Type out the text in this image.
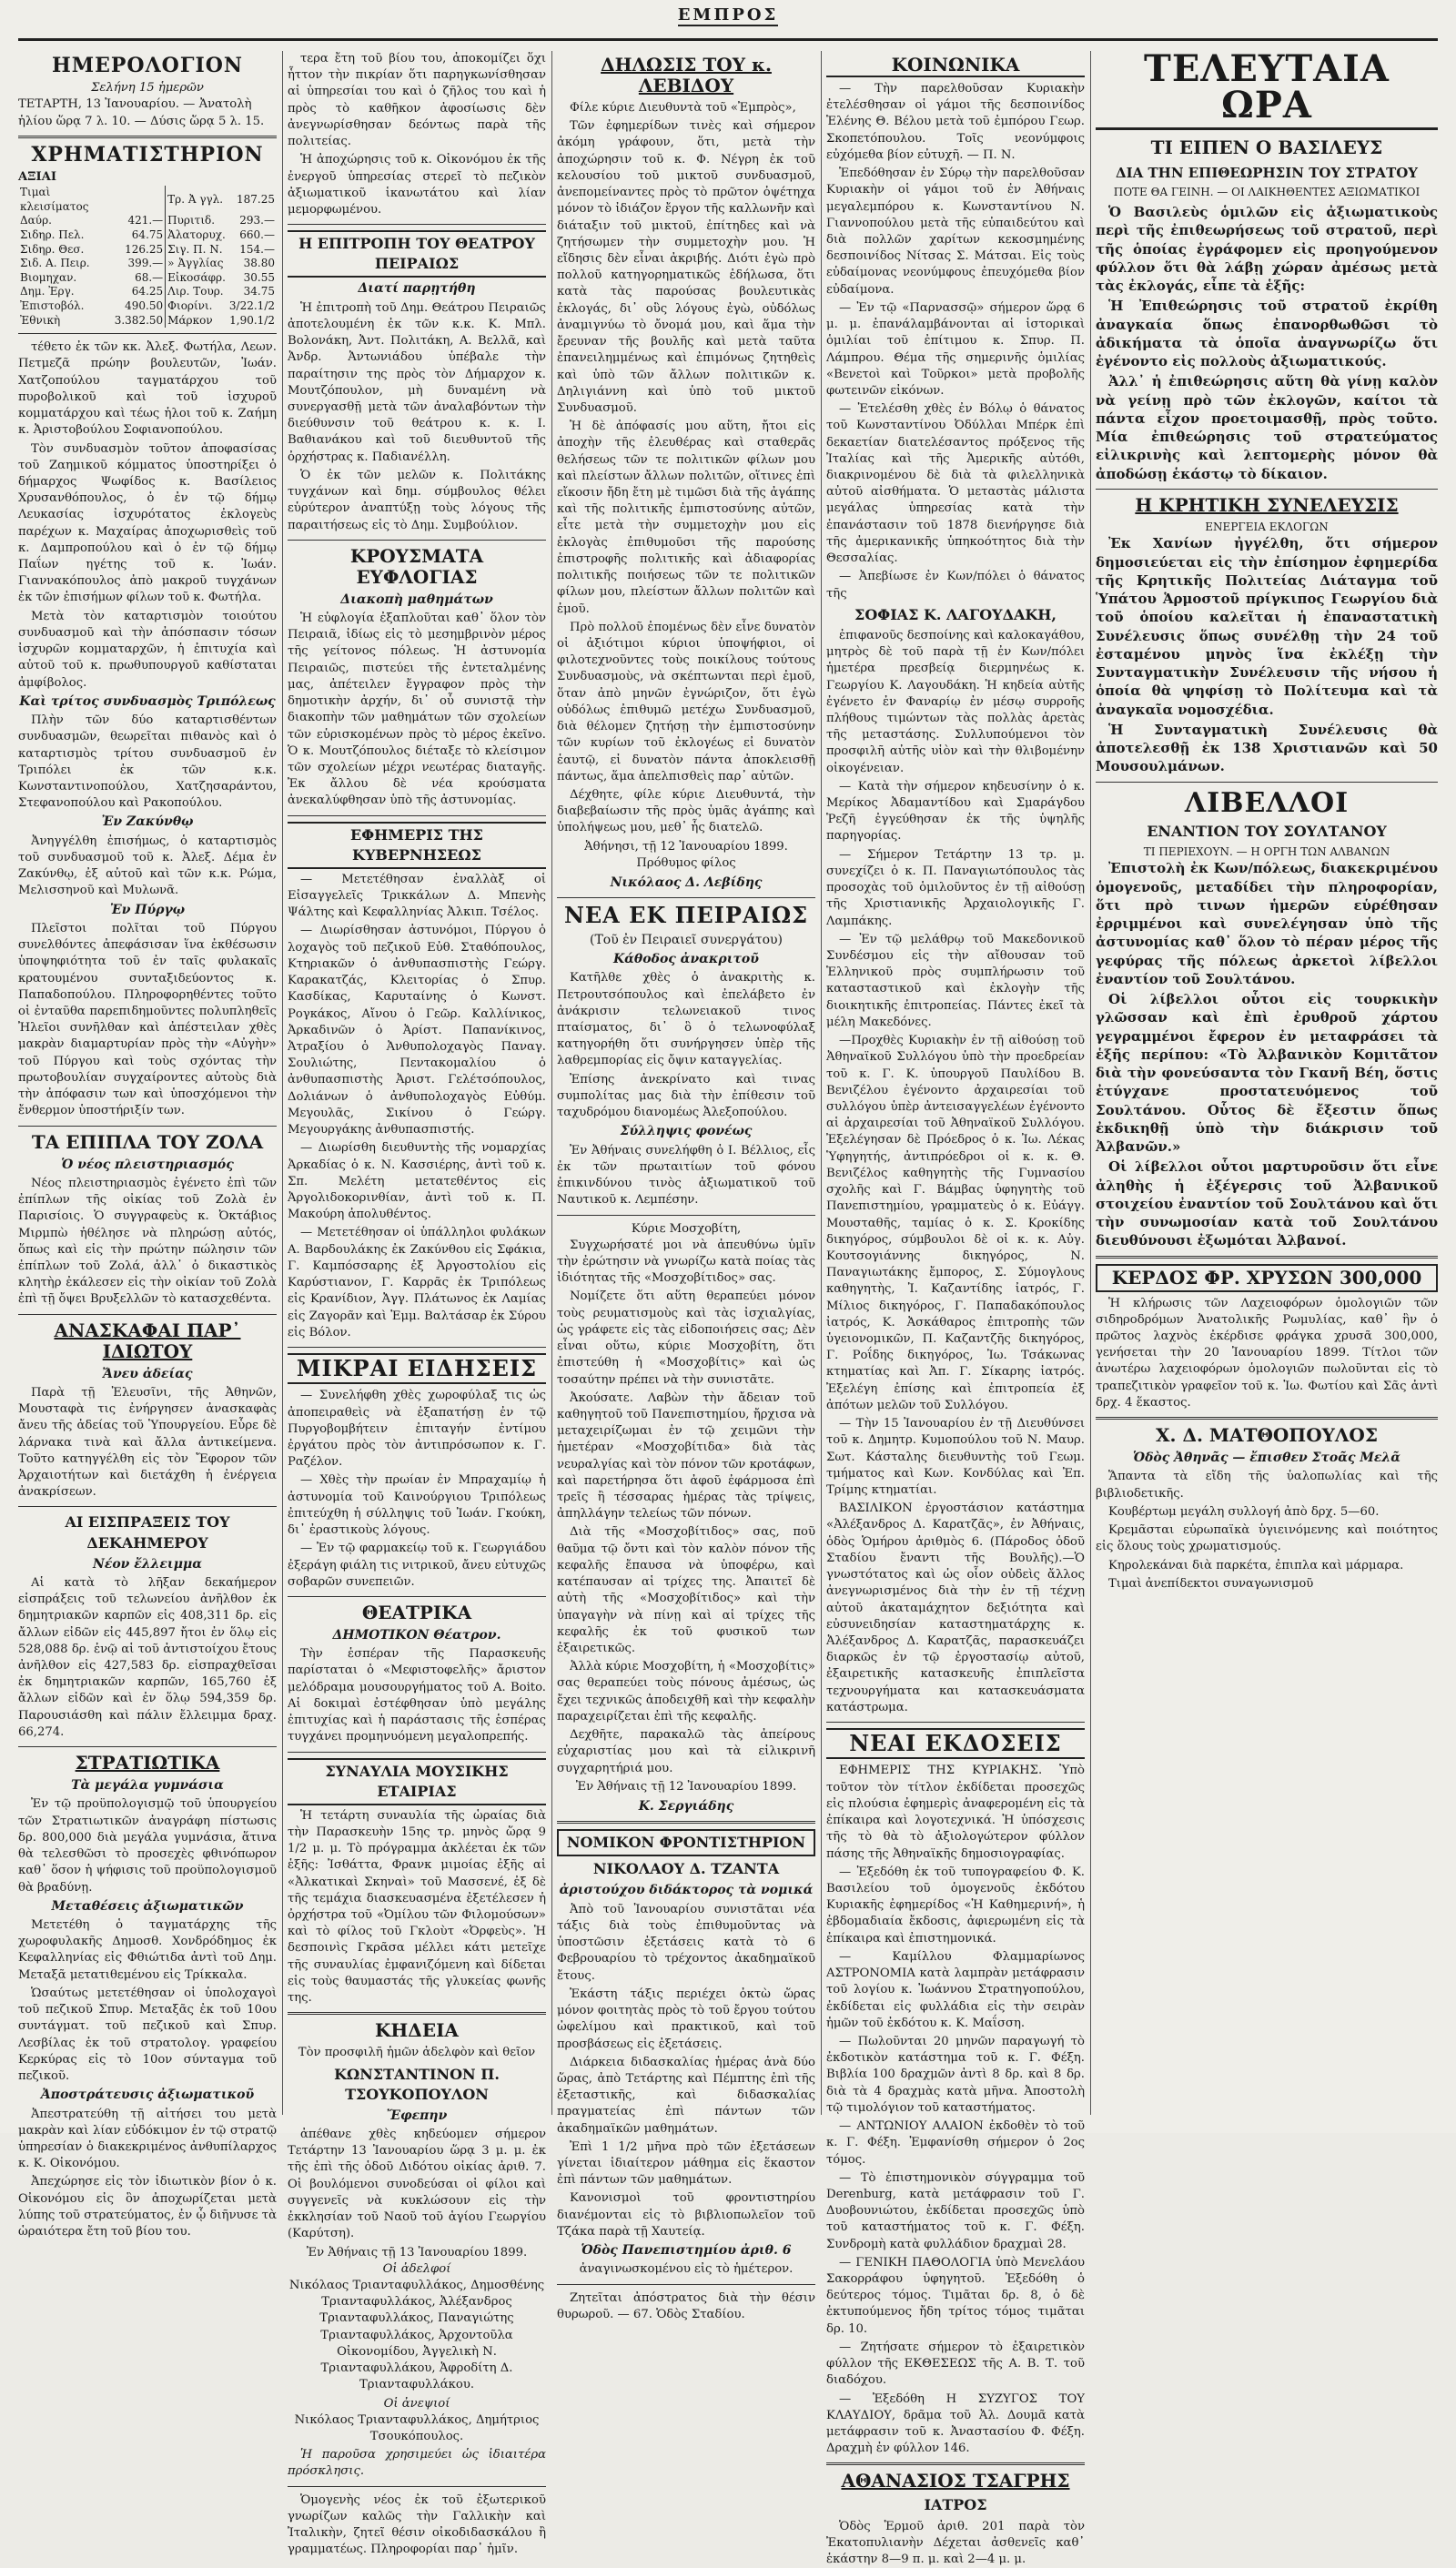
ΕΜΠΡΟΣ
ΗΜΕΡΟΛΟΓΙΟΝ
Σελήνη 15 ἡμερῶν
ΤΕΤΑΡΤΗ, 13 Ἰανουαρίου. — Ἀνατολὴ
ἡλίου ὥρᾳ 7 λ. 10. — Δύσις ὥρᾳ 5 λ. 15.
ΧΡΗΜΑΤΙΣΤΗΡΙΟΝ
ΑΞΙΑΙ
Τιμαὶ κλεισίματος		Τρ. Ἀ γγλ.	187.25
Δαύρ.	421.—	Πυριτιδ.	293.—
Σιδηρ. Πελ.	64.75	Ἀλατορυχ.	660.—
Σιδηρ. Θεσ.	126.25	Σιγ. Π. Ν.	154.—
Σιδ. Α. Πειρ.	399.—	» Ἀγγλίας	38.80
Βιομηχαν.	68.—	Εἰκοσάφρ.	30.55
Δημ. Ἐργ.	64.25	Λιρ. Τουρ.	34.75
Ἐπιστοβόλ.	490.50	Φιορίνι.	3/22.1/2
Ἐθνικὴ	3.382.50	Μάρκον	1,90.1/2

τέθετο ἐκ τῶν κκ. Ἀλεξ. Φωτήλα, Λεων. Πετμεζᾶ πρώην βουλευτῶν, Ἰωάν. Χατζοπούλου ταγματάρχου τοῦ πυροβολικοῦ καὶ τοῦ ἰσχυροῦ κομματάρχου καὶ τέως ἡλοι τοῦ κ. Ζαήμη κ. Ἀριστοβούλου Σοφιανοπούλου.

Τὸν συνδυασμὸν τοῦτον ἀποφασίσας τοῦ Ζαημικοῦ κόμματος ὑποστηρίξει ὁ δήμαρχος Ψωφίδος κ. Βασίλειος Χρυσανθόπουλος, ὁ ἐν τῷ δήμῳ Λευκασίας ἰσχυρότατος ἐκλογεὺς παρέχων κ. Μαχαίρας ἀποχωρισθεὶς τοῦ κ. Δαμπροπούλου καὶ ὁ ἐν τῷ δήμῳ Παΐων ηγέτης τοῦ κ. Ἰωάν. Γιαννακόπουλος ἀπὸ μακροῦ τυγχάνων ἐκ τῶν ἐπισήμων φίλων τοῦ κ. Φωτήλα.

Μετὰ τὸν καταρτισμὸν τοιούτου συνδυασμοῦ καὶ τὴν ἀπόσπασιν τόσων ἰσχυρῶν κομματαρχῶν, ἡ ἐπιτυχία καὶ αὐτοῦ τοῦ κ. πρωθυπουργοῦ καθίσταται ἀμφίβολος.

Καὶ τρίτος συνδυασμὸς Τριπόλεως

Πλὴν τῶν δύο καταρτισθέντων συνδυασμῶν, θεωρεῖται πιθανὸς καὶ ὁ καταρτισμὸς τρίτου συνδυασμοῦ ἐν Τριπόλει ἐκ τῶν κ.κ. Κωνσταντινοπούλου, Χατζησαράντου, Στεφανοπούλου καὶ Ρακοπούλου.

Ἐν Ζακύνθῳ

Ἀνηγγέλθη ἐπισήμως, ὁ καταρτισμὸς τοῦ συνδυασμοῦ τοῦ κ. Ἀλεξ. Δέμα ἐν Ζακύνθῳ, ἐξ αὐτοῦ καὶ τῶν κ.κ. Ρώμα, Μελισσηνοῦ καὶ Μυλωνᾶ.

Ἐν Πύργῳ

Πλεῖστοι πολῖται τοῦ Πύργου συνελθόντες ἀπεφάσισαν ἵνα ἐκθέσωσιν ὑποψηφιότητα τοῦ ἐν ταῖς φυλακαῖς κρατουμένου συνταξιδεύοντος κ. Παπαδοπούλου. Πληροφορηθέντες τοῦτο οἱ ἐνταῦθα παρεπιδημοῦντες πολυπληθεῖς Ἠλεῖοι συνῆλθαν καὶ ἀπέστειλαν χθὲς μακρὰν διαμαρτυρίαν πρὸς τὴν «Αὐγὴν» τοῦ Πύργου καὶ τοὺς σχόντας τὴν πρωτοβουλίαν συγχαίροντες αὐτοὺς διὰ τὴν ἀπόφασιν των καὶ ὑποσχόμενοι τὴν ἔνθερμον ὑποστήριξίν των.

ΤΑ ΕΠΙΠΛΑ ΤΟΥ ΖΟΛΑ
Ὁ νέος πλειστηριασμός

Νέος πλειστηριασμὸς ἐγένετο ἐπὶ τῶν ἐπίπλων τῆς οἰκίας τοῦ Ζολὰ ἐν Παρισίοις. Ὁ συγγραφεὺς κ. Ὀκτάβιος Μιρμπὼ ἠθέλησε νὰ πληρώσῃ αὐτός, ὅπως καὶ εἰς τὴν πρώτην πώλησιν τῶν ἐπίπλων τοῦ Ζολά, ἀλλ᾽ ὁ δικαστικὸς κλητὴρ ἐκάλεσεν εἰς τὴν οἰκίαν τοῦ Ζολὰ ἐπὶ τῇ ὄψει Βρυξελλῶν τὸ κατασχεθέντα.

ΑΝΑΣΚΑΦΑΙ ΠΑΡ᾽ ΙΔΙΩΤΟΥ
Ἄνευ ἀδείας

Παρὰ τῇ Ἐλευσῖνι, τῆς Ἀθηνῶν, Μουσταφὰ τις ἐνήργησεν ἀνασκαφὰς ἄνευ τῆς ἀδείας τοῦ Ὑπουργείου. Εὗρε δὲ λάρνακα τινὰ καὶ ἄλλα ἀντικείμενα. Τοῦτο κατηγγέλθη εἰς τὸν Ἔφορον τῶν Ἀρχαιοτήτων καὶ διετάχθη ἡ ἐνέργεια ἀνακρίσεων.

ΑΙ ΕΙΣΠΡΑΞΕΙΣ ΤΟΥ ΔΕΚΑΗΜΕΡΟΥ
Νέον ἔλλειμμα

Αἱ κατὰ τὸ λῆξαν δεκαήμερον εἰσπράξεις τοῦ τελωνείου ἀνῆλθον ἐκ δημητριακῶν καρπῶν εἰς 408,311 δρ. εἰς ἄλλων εἰδῶν εἰς 445,897 ἤτοι ἐν ὅλῳ εἰς 528,088 δρ. ἐνῷ αἱ τοῦ ἀντιστοίχου ἔτους ἀνῆλθον εἰς 427,583 δρ. εἰσπραχθεῖσαι ἐκ δημητριακῶν καρπῶν, 165,760 ἐξ ἄλλων εἰδῶν καὶ ἐν ὅλῳ 594,359 δρ. Παρουσιάσθη καὶ πάλιν ἔλλειμμα δραχ. 66,274.

ΣΤΡΑΤΙΩΤΙΚΑ
Τὰ μεγάλα γυμνάσια

Ἐν τῷ προϋπολογισμῷ τοῦ ὑπουργείου τῶν Στρατιωτικῶν ἀναγράφη πίστωσις δρ. 800,000 διὰ μεγάλα γυμνάσια, ἅτινα θὰ τελεσθῶσι τὸ προσεχὲς φθινόπωρον καθ᾽ ὅσον ἡ ψήφισις τοῦ προϋπολογισμοῦ θὰ βραδύνῃ.

Μεταθέσεις ἀξιωματικῶν

Μετετέθη ὁ ταγματάρχης τῆς χωροφυλακῆς Δημοσθ. Χονδρόδημος ἐκ Κεφαλληνίας εἰς Φθιώτιδα ἀντὶ τοῦ Δημ. Μεταξᾶ μετατιθεμένου εἰς Τρίκκαλα.

Ὡσαύτως μετετέθησαν οἱ ὑπολοχαγοὶ τοῦ πεζικοῦ Σπυρ. Μεταξᾶς ἐκ τοῦ 10ου συντάγματ. τοῦ πεζικοῦ καὶ Σπυρ. Λεσβίλας ἐκ τοῦ στρατολογ. γραφείου Κερκύρας εἰς τὸ 10ον σύνταγμα τοῦ πεζικοῦ.

Ἀποστράτευσις ἀξιωματικοῦ

Ἀπεστρατεύθη τῇ αἰτήσει του μετὰ μακρὰν καὶ λίαν εὐδόκιμον ἐν τῷ στρατῷ ὑπηρεσίαν ὁ διακεκριμένος ἀνθυπίλαρχος κ. Κ. Οἰκονόμου.

Ἀπεχώρησε εἰς τὸν ἰδιωτικὸν βίον ὁ κ. Οἰκονόμου εἰς ὃν ἀποχωρίζεται μετὰ λύπης τοῦ στρατεύματος, ἐν ᾧ διῆνυσε τὰ ὡραιότερα ἔτη τοῦ βίου του.

τερα ἔτη τοῦ βίου του, ἀποκομίζει ὅχι ἧττον τὴν πικρίαν ὅτι παρηγκωνίσθησαν αἱ ὑπηρεσίαι του καὶ ὁ ζῆλος του καὶ ἡ πρὸς τὸ καθῆκον ἀφοσίωσις δὲν ἀνεγνωρίσθησαν δεόντως παρὰ τῆς πολιτείας.

Ἡ ἀποχώρησις τοῦ κ. Οἰκονόμου ἐκ τῆς ἐνεργοῦ ὑπηρεσίας στερεῖ τὸ πεζικὸν ἀξιωματικοῦ ἱκανωτάτου καὶ λίαν μεμορφωμένου.

Η ΕΠΙΤΡΟΠΗ ΤΟΥ ΘΕΑΤΡΟΥ ΠΕΙΡΑΙΩΣ
Διατί παρῃτήθη

Ἡ ἐπιτροπὴ τοῦ Δημ. Θεάτρου Πειραιῶς ἀποτελουμένη ἐκ τῶν κ.κ. Κ. Μπλ. Βολονάκη, Ἀντ. Πολιτάκη, Α. Βελλᾶ, καὶ Ἀνδρ. Ἀντωνιάδου ὑπέβαλε τὴν παραίτησιν της πρὸς τὸν Δήμαρχον κ. Μουτζόπουλον, μὴ δυναμένη νὰ συνεργασθῇ μετὰ τῶν ἀναλαβόντων τὴν διεύθυνσιν τοῦ θεάτρου κ. κ. Ι. Βαθιανάκου καὶ τοῦ διευθυντοῦ τῆς ὀρχήστρας κ. Παδιανέλλη.

Ὁ ἐκ τῶν μελῶν κ. Πολιτάκης τυγχάνων καὶ δημ. σύμβουλος θέλει εὑρύτερον ἀναπτύξῃ τοὺς λόγους τῆς παραιτήσεως εἰς τὸ Δημ. Συμβούλιον.

ΚΡΟΥΣΜΑΤΑ ΕΥΦΛΟΓΙΑΣ
Διακοπὴ μαθημάτων

Ἡ εὐφλογία ἐξαπλοῦται καθ᾽ ὅλον τὸν Πειραιᾶ, ἰδίως εἰς τὸ μεσημβρινὸν μέρος τῆς γείτονος πόλεως. Ἡ ἀστυνομία Πειραιῶς, πιστεύει τῆς ἐντεταλμένης μας, ἀπέτειλεν ἔγγραφον πρὸς τὴν δημοτικὴν ἀρχήν, δι᾽ οὗ συνιστᾷ τὴν διακοπὴν τῶν μαθημάτων τῶν σχολείων τῶν εὑρισκομένων πρὸς τὸ μέρος ἐκεῖνο. Ὁ κ. Μουτζόπουλος διέταξε τὸ κλείσιμον τῶν σχολείων μέχρι νεωτέρας διαταγῆς. Ἐκ ἄλλου δὲ νέα κρούσματα ἀνεκαλύφθησαν ὑπὸ τῆς ἀστυνομίας.

ΕΦΗΜΕΡΙΣ ΤΗΣ ΚΥΒΕΡΝΗΣΕΩΣ

— Μετετέθησαν ἐναλλὰξ οἱ Εἰσαγγελεῖς Τρικκάλων Δ. Μπενὴς Ψάλτης καὶ Κεφαλληνίας Ἀλκιπ. Τσέλος.

— Διωρίσθησαν ἀστυνόμοι, Πύργου ὁ λοχαγὸς τοῦ πεζικοῦ Εὐθ. Σταθόπουλος, Κτηριακῶν ὁ ἀνθυπασπιστὴς Γεώργ. Καρακατζάς, Κλειτορίας ὁ Σπυρ. Κασδίκας, Καρυταίνης ὁ Κωνστ. Ρογκάκος, Αἴνου ὁ Γεῶρ. Καλλίνικος, Ἀρκαδινῶν ὁ Ἀρίστ. Παπανίκινος, Ἀτραξίου ὁ Ἀνθυπολοχαγὸς Παναγ. Σουλιώτης, Πεντακομαλίου ὁ ἀνθυπασπιστὴς Ἀριστ. Γελέτσόπουλος, Δολιάνων ὁ ἀνθυπολοχαγὸς Εὐθύμ. Μεγουλᾶς, Σικίνου ὁ Γεώργ. Μεγουργάκης ἀνθυπασπιστής.

— Διωρίσθη διευθυντὴς τῆς νομαρχίας Ἀρκαδίας ὁ κ. Ν. Κασσιέρης, ἀντὶ τοῦ κ. Σπ. Μελέτη μετατεθέντος εἰς Ἀργολιδοκορινθίαν, ἀντὶ τοῦ κ. Π. Μακούρη ἀπολυθέντος.

— Μετετέθησαν οἱ ὑπάλληλοι φυλάκων Α. Βαρδουλάκης ἐκ Ζακύνθου εἰς Σφάκια, Γ. Καμπόσσαρης ἐξ Ἀργοστολίου εἰς Καρύστιανον, Γ. Καρρᾶς ἐκ Τριπόλεως εἰς Κρανίδιον, Ἀγγ. Πλάτωνος ἐκ Λαμίας εἰς Ζαγορᾶν καὶ Ἐμμ. Βαλτάσαρ ἐκ Σύρου εἰς Βόλον.

ΜΙΚΡΑΙ ΕΙΔΗΣΕΙΣ

— Συνελήφθη χθὲς χωροφύλαξ τις ὡς ἀποπειραθεὶς νὰ ἐξαπατήσῃ ἐν τῷ Πυργοβομβήτειν ἐπιταγήν ἐντίμου ἐργάτου πρὸς τὸν ἀντιπρόσωπον κ. Γ. Ραζέλον.

— Χθὲς τὴν πρωίαν ἐν Μπραχαμίῳ ἡ ἀστυνομία τοῦ Καινούργιου Τριπόλεως ἐπιτεύχθη ἡ σύλληψις τοῦ Ἰωάν. Γκούκη, δι᾽ ἐραστικοὺς λόγους.

— Ἐν τῷ φαρμακείῳ τοῦ κ. Γεωργιάδου ἐξεράγη φιάλη τις νιτρικοῦ, ἄνευ εὐτυχῶς σοβαρῶν συνεπειῶν.

ΘΕΑΤΡΙΚΑ
ΔΗΜΟΤΙΚΟΝ Θέατρον.

Τὴν ἑσπέραν τῆς Παρασκευῆς παρίσταται ὁ «Μεφιστοφελῆς» ἄριστον μελόδραμα μουσουργήματος τοῦ Α. Boito. Αἱ δοκιμαὶ ἐστέφθησαν ὑπὸ μεγάλης ἐπιτυχίας καὶ ἡ παράστασις τῆς ἑσπέρας τυγχάνει προμηνυόμενη μεγαλοπρεπής.

ΣΥΝΑΥΛΙΑ ΜΟΥΣΙΚΗΣ ΕΤΑΙΡΙΑΣ

Ἡ τετάρτη συναυλία τῆς ὡραίας διὰ τὴν Παρασκευὴν 15ης τρ. μηνὸς ὥρᾳ 9 1/2 μ. μ. Τὸ πρόγραμμα ἀκλέεται ἐκ τῶν ἑξῆς: Ἰσθάττα, Φρανκ μιμοίας ἐξῆς αἱ «Ἀλκατικαὶ Σκηναὶ» τοῦ Μασσενέ, ἐξ δὲ τῆς τεμάχια διασκευασμένα ἐξετέλεσεν ἡ ὀρχήστρα τοῦ «Ὀμίλου τῶν Φιλομούσων» καὶ τὸ φίλος τοῦ Γκλοὺτ «Ὀρφεὺς». Ἡ δεσποινὶς Γκρᾶσα μέλλει κάτι μετεῖχε τῆς συναυλίας ἐμφανιζόμενη καὶ δίδεται εἰς τοὺς θαυμαστάς τῆς γλυκείας φωνῆς της.

ΚΗΔΕΙΑ
Τὸν προσφιλῆ ἡμῶν ἀδελφὸν καὶ θεῖον
ΚΩΝΣΤΑΝΤΙΝΟΝ Π. ΤΣΟΥΚΟΠΟΥΛΟΝ
Ἔφεπην

ἀπέθανε χθὲς κηδεύομεν σήμερον Τετάρτην 13 Ἰανουαρίου ὥρᾳ 3 μ. μ. ἐκ τῆς ἐπὶ τῆς ὁδοῦ Διδότου οἰκίας ἀριθ. 7. Οἱ βουλόμενοι συνοδεύσαι οἱ φίλοι καὶ συγγενεῖς νὰ κυκλώσουν εἰς τὴν ἐκκλησίαν τοῦ Ναοῦ τοῦ ἁγίου Γεωργίου (Καρύτση).

Ἐν Ἀθήναις τῇ 13 Ἰανουαρίου 1899.
Οἱ ἀδελφοί

Νικόλαος Τριανταφυλλάκος, Δημοσθένης Τριανταφυλλάκος, Ἀλέξανδρος Τριανταφυλλάκος, Παναγιώτης Τριανταφυλλάκος, Ἀρχοντοῦλα Οἰκονομίδου, Ἀγγελικὴ Ν. Τριανταφυλλάκου, Ἀφροδίτη Δ. Τριανταφυλλάκου.

Οἱ ἀνεψιοί

Νικόλαος Τριανταφυλλάκος, Δημήτριος Τσουκόπουλος.

Ἡ παροῦσα χρησιμεύει ὡς ἰδιαιτέρα πρόσκλησις.

Ὁμογενὴς νέος ἐκ τοῦ ἐξωτερικοῦ γνωρίζων καλῶς τὴν Γαλλικὴν καὶ Ἰταλικὴν, ζητεῖ θέσιν οἰκοδιδασκάλου ἢ γραμματέως. Πληροφορίαι παρ᾽ ἡμῖν.

ΔΗΛΩΣΙΣ ΤΟΥ κ. ΛΕΒΙΔΟΥ

Φίλε κύριε Διευθυντὰ τοῦ «Ἐμπρὸς»,

Τῶν ἐφημερίδων τινὲς καὶ σήμερον ἀκόμη γράφουν, ὅτι, μετὰ τὴν ἀποχώρησιν τοῦ κ. Φ. Νέγρη ἐκ τοῦ κελουσίου τοῦ μικτοῦ συνδυασμοῦ, ἀνεπομείναντες πρὸς τὸ πρῶτον ὀψέτηχα μόνον τὸ ἰδιάζον ἔργον τῆς καλλωνῆν καὶ διάταξιν τοῦ μικτοῦ, ἐπίτηδες καὶ νὰ ζητήσωμεν τὴν συμμετοχὴν μου. Ἡ εἴδησις δὲν εἶναι ἀκριβής. Διότι ἐγὼ πρὸ πολλοῦ κατηγορηματικῶς ἐδήλωσα, ὅτι κατὰ τὰς παρούσας βουλευτικὰς ἐκλογάς, δι᾽ οὓς λόγους ἐγὼ, οὐδόλως ἀναμιγνύω τὸ ὄνομά μου, καὶ ἅμα τὴν ἔρευναν τῆς βουλῆς καὶ μετὰ ταῦτα ἐπανειλημμένως καὶ ἐπιμόνως ζητηθεὶς καὶ ὑπὸ τῶν ἄλλων πολιτικῶν κ. Δηλιγιάννη καὶ ὑπὸ τοῦ μικτοῦ Συνδυασμοῦ.

Ἡ δὲ ἀπόφασίς μου αὕτη, ἤτοι εἰς ἀποχὴν τῆς ἐλευθέρας καὶ σταθερᾶς θελήσεως τῶν τε πολιτικῶν φίλων μου καὶ πλείστων ἄλλων πολιτῶν, οἵτινες ἐπὶ εἴκοσιν ἤδη ἔτη μὲ τιμῶσι διὰ τῆς ἀγάπης καὶ τῆς πολιτικῆς ἐμπιστοσύνης αὐτῶν, εἶτε μετὰ τὴν συμμετοχὴν μου εἰς ἐκλογὰς ἐπιθυμοῦσι τῆς παρούσης ἐπιστροφῆς πολιτικῆς καὶ ἀδιαφορίας πολιτικῆς ποιήσεως τῶν τε πολιτικῶν φίλων μου, πλείστων ἄλλων πολιτῶν καὶ ἐμοῦ.

Πρὸ πολλοῦ ἐπομένως δὲν εἶνε δυνατὸν οἱ ἀξιότιμοι κύριοι ὑποψήφιοι, οἱ φιλοτεχνοῦντες τοὺς ποικίλους τούτους Συνδυασμοὺς, νὰ σκέπτωνται περὶ ἐμοῦ, ὅταν ἀπὸ μηνῶν ἐγνώριζον, ὅτι ἐγὼ οὐδόλως ἐπιθυμῶ μετέχω Συνδυασμοῦ, διὰ θέλομεν ζητήσῃ τὴν ἐμπιστοσύνην τῶν κυρίων τοῦ ἐκλογέως εἰ δυνατὸν ἑαυτῷ, εἰ δυνατὸν πάντα ἀποκλεισθῇ πάντως, ἅμα ἀπελπισθεὶς παρ᾽ αὐτῶν.

Δέχθητε, φίλε κύριε Διευθυντά, τὴν διαβεβαίωσιν τῆς πρὸς ὑμᾶς ἀγάπης καὶ ὑπολήψεως μου, μεθ᾽ ἧς διατελῶ.

Ἀθήνησι, τῇ 12 Ἰανουαρίου 1899.
Πρόθυμος φίλος
Νικόλαος Δ. Λεβίδης
ΝΕΑ ΕΚ ΠΕΙΡΑΙΩΣ
(Τοῦ ἐν Πειραιεῖ συνεργάτου)
Κάθοδος ἀνακριτοῦ

Κατῆλθε χθὲς ὁ ἀνακριτὴς κ. Πετρουτσόπουλος καὶ ἐπελάβετο ἐν ἀνάκρισιν τελωνειακοῦ τινος πταίσματος, δι᾽ ὃ ὁ τελωνοφύλαξ κατηγορήθη ὅτι συνήργησεν ὑπὲρ τῆς λαθρεμπορίας εἰς ὄψιν καταγγελίας.

Ἐπίσης ἀνεκρίνατο καὶ τινας συμπολίτας μας διὰ τὴν ἐπίθεσιν τοῦ ταχυδρόμου διανομέως Ἀλεξοπούλου.

Σύλληψις φονέως

Ἐν Ἀθήναις συνελήφθη ὁ Ι. Βέλλιος, εἷς ἐκ τῶν πρωταιτίων τοῦ φόνου ἐπικινδύνου τινὸς ἀξιωματικοῦ τοῦ Ναυτικοῦ κ. Λεμπέσην.

Κύριε Μοσχοβίτη,

Συγχωρήσατέ μοι νὰ ἀπευθύνω ὑμῖν τὴν ἐρώτησιν νὰ γνωρίζω κατὰ ποίας τὰς ἰδιότητας τῆς «Μοσχοβίτιδος» σας.

Νομίζετε ὅτι αὕτη θεραπεύει μόνον τοὺς ρευματισμοὺς καὶ τὰς ἰσχιαλγίας, ὡς γράφετε εἰς τὰς εἰδοποιήσεις σας; Δὲν εἶναι οὕτω, κύριε Μοσχοβίτη, ὅτι ἐπιστεύθη ἡ «Μοσχοβίτις» καὶ ὡς τοσαύτην πρέπει νὰ τὴν συνιστᾶτε.

Ἀκούσατε. Λαβὼν τὴν ἄδειαν τοῦ καθηγητοῦ τοῦ Πανεπιστημίου, ἤρχισα νὰ μεταχειρίζωμαι ἐν τῷ χειμῶνι τὴν ἡμετέραν «Μοσχοβίτιδα» διὰ τὰς νευραλγίας καὶ τὸν πόνον τῶν κροτάφων, καὶ παρετήρησα ὅτι ἀφοῦ ἐφάρμοσα ἐπὶ τρεῖς ἢ τέσσαρας ἡμέρας τὰς τρίψεις, ἀπηλλάγην τελείως τῶν πόνων.

Διὰ τῆς «Μοσχοβίτιδος» σας, ποῦ θαῦμα τῷ ὄντι καὶ τὸν καλὸν πόνον τῆς κεφαλῆς ἔπαυσα νὰ ὑποφέρω, καὶ κατέπαυσαν αἱ τρίχες της. Ἀπαιτεῖ δὲ αὐτὴ τῆς «Μοσχοβίτιδος» καὶ τὴν ὑπαγαγὴν νὰ πίνῃ καὶ αἱ τρίχες τῆς κεφαλῆς ἐκ τοῦ φυσικοῦ των ἐξαιρετικῶς.

Ἀλλὰ κύριε Μοσχοβίτη, ἡ «Μοσχοβίτις» σας θεραπεύει τοὺς πόνους ἀμέσως, ὡς ἔχει τεχνικῶς ἀποδειχθῆ καὶ τὴν κεφαλὴν παραχειρίζεται ἐπὶ τῆς κεφαλῆς.

Δεχθῆτε, παρακαλῶ τὰς ἀπείρους εὐχαριστίας μου καὶ τὰ εἰλικρινῆ συγχαρητήριά μου.

Ἐν Ἀθήναις τῇ 12 Ἰανουαρίου 1899.
Κ. Σεργιάδης
ΝΟΜΙΚΟΝ ΦΡΟΝΤΙΣΤΗΡΙΟΝ
ΝΙΚΟΛΑΟΥ Δ. ΤΖΑΝΤΑ
ἀριστούχου διδάκτορος τὰ νομικά

Ἀπὸ τοῦ Ἰανουαρίου συνιστᾶται νέα τάξις διὰ τοὺς ἐπιθυμοῦντας νὰ ὑποστῶσιν ἐξετάσεις κατὰ τὸ 6 Φεβρουαρίου τὸ τρέχοντος ἀκαδημαϊκοῦ ἔτους.

Ἑκάστη τάξις περιέχει ὀκτὼ ὥρας μόνον φοιτητὰς πρὸς τὸ τοῦ ἔργου τούτου ὠφελίμου καὶ πρακτικοῦ, καὶ τοῦ προσβάσεως εἰς ἐξετάσεις.

Διάρκεια διδασκαλίας ἡμέρας ἀνὰ δύο ὥρας, ἀπὸ Τετάρτης καὶ Πέμπτης ἐπὶ τῆς ἐξεταστικῆς, καὶ διδασκαλίας πραγματείας ἐπὶ πάντων τῶν ἀκαδημαϊκῶν μαθημάτων.

Ἐπὶ 1 1/2 μῆνα πρὸ τῶν ἐξετάσεων γίνεται ἰδιαίτερον μάθημα εἰς ἕκαστον ἐπὶ πάντων τῶν μαθημάτων.

Κανονισμοὶ τοῦ φροντιστηρίου διανέμονται εἰς τὸ βιβλιοπωλεῖον τοῦ Τζάκα παρὰ τῇ Χαυτείᾳ.

Ὁδὸς Πανεπιστημίου ἀριθ. 6
ἀναγινωσκομένου εἰς τὸ ἡμέτερον.

Ζητεῖται ἀπόστρατος διὰ τὴν θέσιν θυρωροῦ. — 67. Ὁδὸς Σταδίου.

ΚΟΙΝΩΝΙΚΑ

— Τὴν παρελθοῦσαν Κυριακὴν ἐτελέσθησαν οἱ γάμοι τῆς δεσποινίδος Ἑλένης Θ. Βέλου μετὰ τοῦ ἐμπόρου Γεωρ. Σκοπετόπουλου. Τοῖς νεονύμφοις εὐχόμεθα βίον εὐτυχῆ. — Π. Ν.

Ἐπεδόθησαν ἐν Σύρῳ τὴν παρελθοῦσαν Κυριακὴν οἱ γάμοι τοῦ ἐν Ἀθήναις μεγαλεμπόρου κ. Κωνσταντίνου Ν. Γιαννοπούλου μετὰ τῆς εὐπαιδεύτου καὶ διὰ πολλῶν χαρίτων κεκοσμημένης δεσποινίδος Νίτσας Σ. Μάτσαι. Εἰς τοὺς εὐδαίμονας νεονύμφους ἐπευχόμεθα βίον εὐδαίμονα.

— Ἐν τῷ «Παρνασσῷ» σήμερον ὥρᾳ 6 μ. μ. ἐπανάλαμβάνονται αἱ ἱστορικαὶ ὁμιλίαι τοῦ ἐπίτιμου κ. Σπυρ. Π. Λάμπρου. Θέμα τῆς σημερινῆς ὁμιλίας «Βενετοὶ καὶ Τοῦρκοι» μετὰ προβολῆς φωτεινῶν εἰκόνων.

— Ἐτελέσθη χθὲς ἐν Βόλῳ ὁ θάνατος τοῦ Κωνσταντίνου Ὀδύλλαι Μπέρκ ἐπὶ δεκαετίαν διατελέσαντος πρόξενος τῆς Ἰταλίας καὶ τῆς Ἀμερικῆς αὐτόθι, διακρινομένου δὲ διὰ τὰ φιλελληνικὰ αὐτοῦ αἰσθήματα. Ὁ μεταστὰς μάλιστα μεγάλας ὑπηρεσίας κατὰ τὴν ἐπανάστασιν τοῦ 1878 διενήργησε διὰ τῆς ἀμερικανικῆς ὑπηκοότητος διὰ τὴν Θεσσαλίας.

— Ἀπεβίωσε ἐν Κων/πόλει ὁ θάνατος τῆς

ΣΟΦΙΑΣ Κ. ΛΑΓΟΥΔΑΚΗ,

ἐπιφανοῦς δεσποίνης καὶ καλοκαγάθου, μητρὸς δὲ τοῦ παρὰ τῇ ἐν Κων/πόλει ἡμετέρα πρεσβείᾳ διερμηνέως κ. Γεωργίου Κ. Λαγουδάκη. Ἡ κηδεία αὐτῆς ἐγένετο ἐν Φαναρίῳ ἐν μέσῳ συρροῆς πλήθους τιμώντων τὰς πολλὰς ἀρετὰς τῆς μεταστάσης. Συλλυπούμενοι τὸν προσφιλῆ αὐτῆς υἱὸν καὶ τὴν θλιβομένην οἰκογένειαν.

— Κατὰ τὴν σήμερον κηδευσίνην ὁ κ. Μερίκος Ἀδαμαντίδου καὶ Σμαράγδου Ῥεζῆ ἐγγεύθησαν ἐκ τῆς ὑψηλῆς παρηγορίας.

— Σήμερον Τετάρτην 13 τρ. μ. συνεχίζει ὁ κ. Π. Παναγιωτόπουλος τὰς προσοχὰς τοῦ ὁμιλοῦντος ἐν τῇ αἰθούσῃ τῆς Χριστιανικῆς Ἀρχαιολογικῆς Γ. Λαμπάκης.

— Ἐν τῷ μελάθρῳ τοῦ Μακεδονικοῦ Συνδέσμου εἰς τὴν αἴθουσαν τοῦ Ἑλληνικοῦ πρὸς συμπλήρωσιν τοῦ κατασταστικοῦ καὶ ἐκλογὴν τῆς διοικητικῆς ἐπιτροπείας. Πάντες ἐκεῖ τὰ μέλη Μακεδόνες.

—Προχθὲς Κυριακὴν ἐν τῇ αἰθούσῃ τοῦ Ἀθηναϊκοῦ Συλλόγου ὑπὸ τὴν προεδρείαν τοῦ κ. Γ. Κ. ὑπουργοῦ Παυλίδου Β. Βενιζέλου ἐγένοντο ἀρχαιρεσίαι τοῦ συλλόγου ὑπὲρ ἀντεισαγγελέων ἐγένοντο αἱ ἀρχαιρεσίαι τοῦ Ἀθηναϊκοῦ Συλλόγου. Ἐξελέγησαν δὲ Πρόεδρος ὁ κ. Ἰω. Λέκας Ὑφηγητής, ἀντιπρόεδροι οἱ κ. κ. Θ. Βενιζέλος καθηγητὴς τῆς Γυμνασίου σχολῆς καὶ Γ. Βάμβας ὑφηγητὴς τοῦ Πανεπιστημίου, γραμματεὺς ὁ κ. Εὐάγγ. Μουσταθῆς, ταμίας ὁ κ. Σ. Κροκίδης δικηγόρος, σύμβουλοι δὲ οἱ κ. κ. Αὐγ. Κουτσογιάννης δικηγόρος, Ν. Παναγιωτάκης ἔμπορος, Σ. Σύμογλους καθηγητὴς, Ἰ. Καζαντίδης ἰατρός, Γ. Μίλιος δικηγόρος, Γ. Παπαδακόπουλος ἰατρός, Κ. Ἀσκάθαρος ἐπιτροπὴς τῶν ὑγειονομικῶν, Π. Καζαντζῆς δικηγόρος, Γ. Ροΐδης δικηγόρος, Ἰω. Τσάκωνας κτηματίας καὶ Ἀπ. Γ. Σίκαρης ἰατρός. Ἐξελέγη ἐπίσης καὶ ἐπιτροπεία ἐξ ἀπότων μελῶν τοῦ Συλλόγου.

— Τὴν 15 Ἰανουαρίου ἐν τῇ Διευθύνσει τοῦ κ. Δημητρ. Κυμοπούλου τοῦ Ν. Μαυρ. Σωτ. Κάσταλης διευθυντὴς τοῦ Γεωμ. τμήματος καὶ Κων. Κονδύλας καὶ Ἐπ. Τρίμης κτηματίαι.

ΒΑΣΙΛΙΚΟΝ ἐργοστάσιον κατάστημα «Ἀλέξανδρος Δ. Καρατζᾶς», ἐν Ἀθήναις, ὁδὸς Ὁμήρου ἀριθμὸς 6. (Πάροδος ὁδοῦ Σταδίου ἔναντι τῆς Βουλῆς).—Ὁ γνωστότατος καὶ ὡς οἷον οὐδεὶς ἄλλος ἀνεγνωρισμένος διὰ τὴν ἐν τῇ τέχνῃ αὐτοῦ ἀκαταμάχητον δεξιότητα καὶ εὐσυνειδησίαν καταστηματάρχης κ. Ἀλέξανδρος Δ. Καρατζᾶς, παρασκευάζει διαρκῶς ἐν τῷ ἐργοστασίῳ αὐτοῦ, ἐξαιρετικῆς κατασκευῆς ἐπιπλεῖστα τεχνουργήματα και κατασκευάσματα κατάστρωμα.

ΝΕΑΙ ΕΚΔΟΣΕΙΣ

ΕΦΗΜΕΡΙΣ ΤΗΣ ΚΥΡΙΑΚΗΣ. Ὑπὸ τοῦτον τὸν τίτλον ἐκδίδεται προσεχῶς εἰς πλούσια ἐφημερὶς ἀναφερομένη εἰς τὰ ἐπίκαιρα καὶ λογοτεχνικά. Ἡ ὑπόσχεσις τῆς τὸ θὰ τὸ ἀξιολογώτερον φύλλον πάσης τῆς Ἀθηναϊκῆς δημοσιογραφίας.

— Ἐξεδόθη ἐκ τοῦ τυπογραφείου Φ. Κ. Βασιλείου τοῦ ὁμογενοῦς ἐκδότου Κυριακῆς ἐφημερίδος «Ἡ Καθημερινή», ἡ ἑβδομαδιαία ἔκδοσις, ἀφιερωμένη εἰς τὰ ἐπίκαιρα καὶ ἐπιστημονικά.

— Καμίλλου Φλαμμαρίωνος ΑΣΤΡΟΝΟΜΙΑ κατὰ λαμπρὰν μετάφρασιν τοῦ λογίου κ. Ἰωάννου Στρατηγοπούλου, ἐκδίδεται εἰς φυλλάδια εἰς τὴν σειρὰν ἡμῶν τοῦ ἐκδότου κ. Κ. Μαΐσση.

— Πωλοῦνται 20 μηνῶν παραγωγή τὸ ἐκδοτικὸν κατάστημα τοῦ κ. Γ. Φέξη. Βιβλία 100 δραχμῶν ἀντὶ 8 δρ. καὶ 8 δρ. διὰ τὰ 4 δραχμὰς κατὰ μῆνα. Ἀποστολὴ τῷ τιμολόγιον τοῦ καταστήματος.

— ΑΝΤΩΝΙΟΥ ΑΛΑΙΟΝ ἐκδοθὲν τὸ τοῦ κ. Γ. Φέξη. Ἐμφανίσθη σήμερον ὁ 2ος τόμος.

— Τὸ ἐπιστημονικὸν σύγγραμμα τοῦ Derenburg, κατὰ μετάφρασιν τοῦ Γ. Δυοβουνιώτου, ἐκδίδεται προσεχῶς ὑπὸ τοῦ καταστήματος τοῦ κ. Γ. Φέξη. Συνδρομὴ κατὰ φυλλάδιον δραχμαὶ 28.

— ΓΕΝΙΚΗ ΠΑΘΟΛΟΓΙΑ ὑπὸ Μενελάου Σακορράφου ὑφηγητοῦ. Ἐξεδόθη ὁ δεύτερος τόμος. Τιμᾶται δρ. 8, ὁ δὲ ἐκτυπούμενος ἤδη τρίτος τόμος τιμᾶται δρ. 10.

— Ζητήσατε σήμερον τὸ ἐξαιρετικὸν φύλλον τῆς ΕΚΘΕΣΕΩΣ τῆς Α. Β. Τ. τοῦ διαδόχου.

— Ἐξεδόθη Η ΣΥΖΥΓΟΣ ΤΟΥ ΚΛΑΥΔΙΟΥ, δρᾶμα τοῦ Ἀλ. Δουμᾶ κατὰ μετάφρασιν τοῦ κ. Ἀναστασίου Φ. Φέξη. Δραχμὴ ἐν φύλλον 146.

ΑΘΑΝΑΣΙΟΣ ΤΣΑΓΡΗΣ
ΙΑΤΡΟΣ

Ὁδὸς Ἑρμοῦ ἀριθ. 201 παρὰ τὸν Ἐκατοπυλιανὴν Δέχεται ἀσθενεῖς καθ᾽ ἑκάστην 8—9 π. μ. καὶ 2—4 μ. μ.

ΤΕΛΕΥΤΑΙΑ ΩΡΑ
ΤΙ ΕΙΠΕΝ Ο ΒΑΣΙΛΕΥΣ
ΔΙΑ ΤΗΝ ΕΠΙΘΕΩΡΗΣΙΝ ΤΟΥ ΣΤΡΑΤΟΥ
ΠΟΤΕ ΘΑ ΓΕΙΝΗ. — ΟΙ ΛΑΙΚΗΘΕΝΤΕΣ ΑΞΙΩΜΑΤΙΚΟΙ

Ὁ Βασιλεὺς ὁμιλῶν εἰς ἀξιωματικοὺς περὶ τῆς ἐπιθεωρήσεως τοῦ στρατοῦ, περὶ τῆς ὁποίας ἐγράφομεν εἰς προηγούμενον φύλλον ὅτι θὰ λάβῃ χώραν ἀμέσως μετὰ τὰς ἐκλογάς, εἶπε τὰ ἑξῆς:

Ἡ Ἐπιθεώρησις τοῦ στρατοῦ ἐκρίθη ἀναγκαία ὅπως ἐπανορθωθῶσι τὸ ἀδικήματα τὰ ὁποῖα ἀναγνωρίζω ὅτι ἐγένοντο εἰς πολλοὺς ἀξιωματικούς.

Ἀλλ᾽ ἡ ἐπιθεώρησις αὕτη θὰ γίνῃ καλὸν νὰ γείνῃ πρὸ τῶν ἐκλογῶν, καίτοι τὰ πάντα εἶχον προετοιμασθῇ, πρὸς τοῦτο. Μία ἐπιθεώρησις τοῦ στρατεύματος εἰλικρινὴς καὶ λεπτομερὴς μόνον θὰ ἀποδώσῃ ἑκάστῳ τὸ δίκαιον.

Η ΚΡΗΤΙΚΗ ΣΥΝΕΛΕΥΣΙΣ
ΕΝΕΡΓΕΙΑ ΕΚΛΟΓΩΝ

Ἐκ Χανίων ἠγγέλθη, ὅτι σήμερον δημοσιεύεται εἰς τὴν ἐπίσημον ἐφημερίδα τῆς Κρητικῆς Πολιτείας Διάταγμα τοῦ Ὑπάτου Ἁρμοστοῦ πρίγκιπος Γεωργίου διὰ τοῦ ὁποίου καλεῖται ἡ ἐπαναστατικὴ Συνέλευσις ὅπως συνέλθῃ τὴν 24 τοῦ ἐσταμένου μηνὸς ἵνα ἐκλέξῃ τὴν Συνταγματικὴν Συνέλευσιν τῆς νήσου ἡ ὁποία θὰ ψηφίσῃ τὸ Πολίτευμα καὶ τὰ ἀναγκαῖα νομοσχέδια.

Ἡ Συνταγματικὴ Συνέλευσις θὰ ἀποτελεσθῇ ἐκ 138 Χριστιανῶν καὶ 50 Μουσουλμάνων.

ΛΙΒΕΛΛΟΙ
ΕΝΑΝΤΙΟΝ ΤΟΥ ΣΟΥΛΤΑΝΟΥ
ΤΙ ΠΕΡΙΕΧΟΥΝ. — Η ΟΡΓΗ ΤΩΝ ΑΛΒΑΝΩΝ

Ἐπιστολὴ ἐκ Κων/πόλεως, διακεκριμένου ὁμογενοῦς, μεταδίδει τὴν πληροφορίαν, ὅτι πρὸ τινων ἡμερῶν εὑρέθησαν ἐρριμμένοι καὶ συνελέγησαν ὑπὸ τῆς ἀστυνομίας καθ᾽ ὅλον τὸ πέραν μέρος τῆς γεφύρας τῆς πόλεως ἀρκετοὶ λίβελλοι ἐναντίον τοῦ Σουλτάνου.

Οἱ λίβελλοι οὗτοι εἰς τουρκικὴν γλῶσσαν καὶ ἐπὶ ἐρυθροῦ χάρτου γεγραμμένοι ἔφερον ἐν μεταφράσει τὰ ἑξῆς περίπου: «Τὸ Ἀλβανικὸν Κομιτᾶτον διὰ τὴν φονεύσαντα τὸν Γκανῆ Βέη, ὅστις ἐτύγχανε προστατευόμενος τοῦ Σουλτάνου. Οὗτος δὲ ἔξεστιν ὅπως ἐκδικηθῇ ὑπὸ τὴν διάκρισιν τοῦ Ἀλβανῶν.»

Οἱ λίβελλοι οὗτοι μαρτυροῦσιν ὅτι εἶνε ἀληθὴς ἡ ἐξέγερσις τοῦ Ἀλβανικοῦ στοιχείου ἐναντίον τοῦ Σουλτάνου καὶ ὅτι τὴν συνωμοσίαν κατὰ τοῦ Σουλτάνου διευθύνουσι ἐξωμόται Ἀλβανοί.

ΚΕΡΔΟΣ ΦΡ. ΧΡΥΣΩΝ 300,000

Ἡ κλήρωσις τῶν Λαχειοφόρων ὁμολογιῶν τῶν σιδηροδρόμων Ἀνατολικῆς Ρωμυλίας, καθ᾽ ἣν ὁ πρῶτος λαχνὸς ἐκέρδισε φράγκα χρυσᾶ 300,000, γενήσεται τὴν 20 Ἰανουαρίου 1899. Τίτλοι τῶν ἀνωτέρω λαχειοφόρων ὁμολογιῶν πωλοῦνται εἰς τὸ τραπεζιτικὸν γραφεῖον τοῦ κ. Ἰω. Φωτίου καὶ Σᾶς ἀντὶ δρχ. 4 ἕκαστος.

Χ. Δ. ΜΑΤΘΟΠΟΥΛΟΣ
Ὁδὸς Ἀθηνᾶς — ἔπισθεν Στοᾶς Μελᾶ

Ἅπαντα τὰ εἴδη τῆς ὑαλοπωλίας καὶ τῆς βιβλιοδετικῆς.

Κουβέρτωμ μεγάλη συλλογή ἀπὸ δρχ. 5—60.

Κρεμᾶσται εὐρωπαϊκὰ ὑγιεινόμενης καὶ ποιότητος εἰς ὅλους τοὺς χρωματισμούς.

Κηρολεκάναι διὰ παρκέτα, ἐπιπλα καὶ μάρμαρα.

Τιμαὶ ἀνεπίδεκτοι συναγωνισμοῦ
